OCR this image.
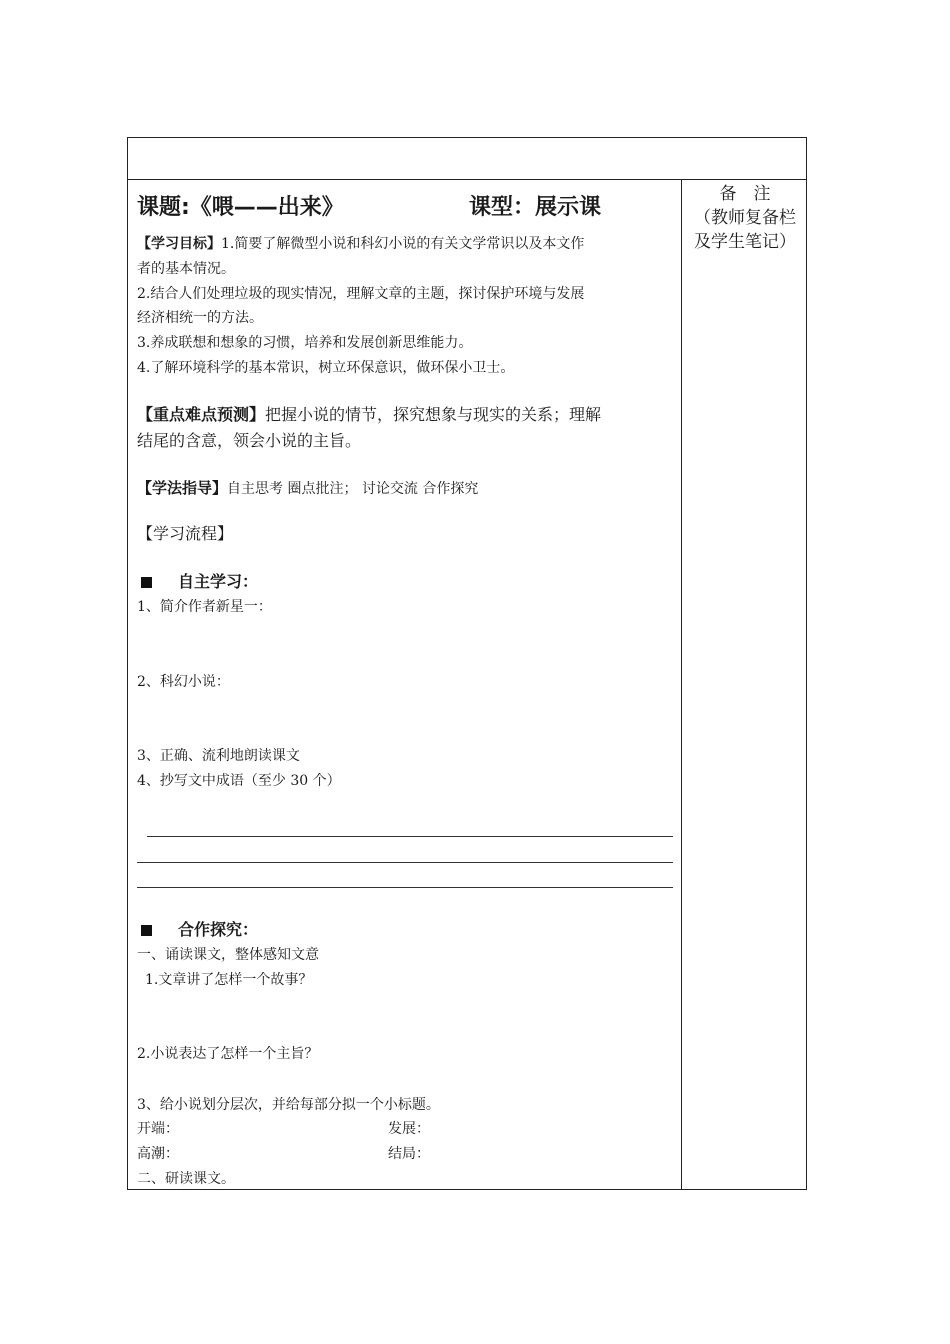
备　注
（教师复备栏
及学生笔记）
课题:《喂——出来》	课型：展示课
【学习目标】1.简要了解微型小说和科幻小说的有关文学常识以及本文作
者的基本情况。
2.结合人们处理垃圾的现实情况，理解文章的主题，探讨保护环境与发展
经济相统一的方法。
3.养成联想和想象的习惯，培养和发展创新思维能力。
4.了解环境科学的基本常识，树立环保意识，做环保小卫士。
【重点难点预测】把握小说的情节，探究想象与现实的关系；理解
结尾的含意，领会小说的主旨。
【学法指导】自主思考 圈点批注； 讨论交流 合作探究
【学习流程】
自主学习：
1、简介作者新星一：
2、科幻小说：
3、正确、流利地朗读课文
4、抄写文中成语（至少 30 个）
合作探究：
一、诵读课文，整体感知文意
1.文章讲了怎样一个故事？
2.小说表达了怎样一个主旨？
3、给小说划分层次，并给每部分拟一个小标题。
开端：	发展：
高潮：	结局：
二、研读课文。
